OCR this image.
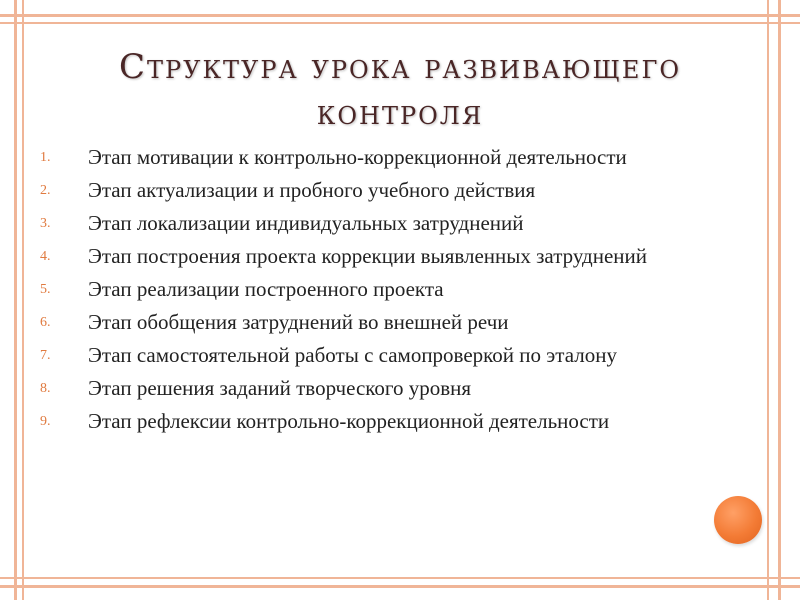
Структура урока развивающего
контроля
1.	Этап мотивации к контрольно-коррекционной деятельности
2.	Этап актуализации и пробного учебного действия
3.	Этап локализации индивидуальных затруднений
4.	Этап построения проекта коррекции выявленных затруднений
5.	Этап реализации построенного проекта
6.	Этап обобщения затруднений во внешней речи
7.	Этап самостоятельной работы с самопроверкой по эталону
8.	Этап решения заданий творческого уровня
9.	Этап рефлексии контрольно-коррекционной деятельности
